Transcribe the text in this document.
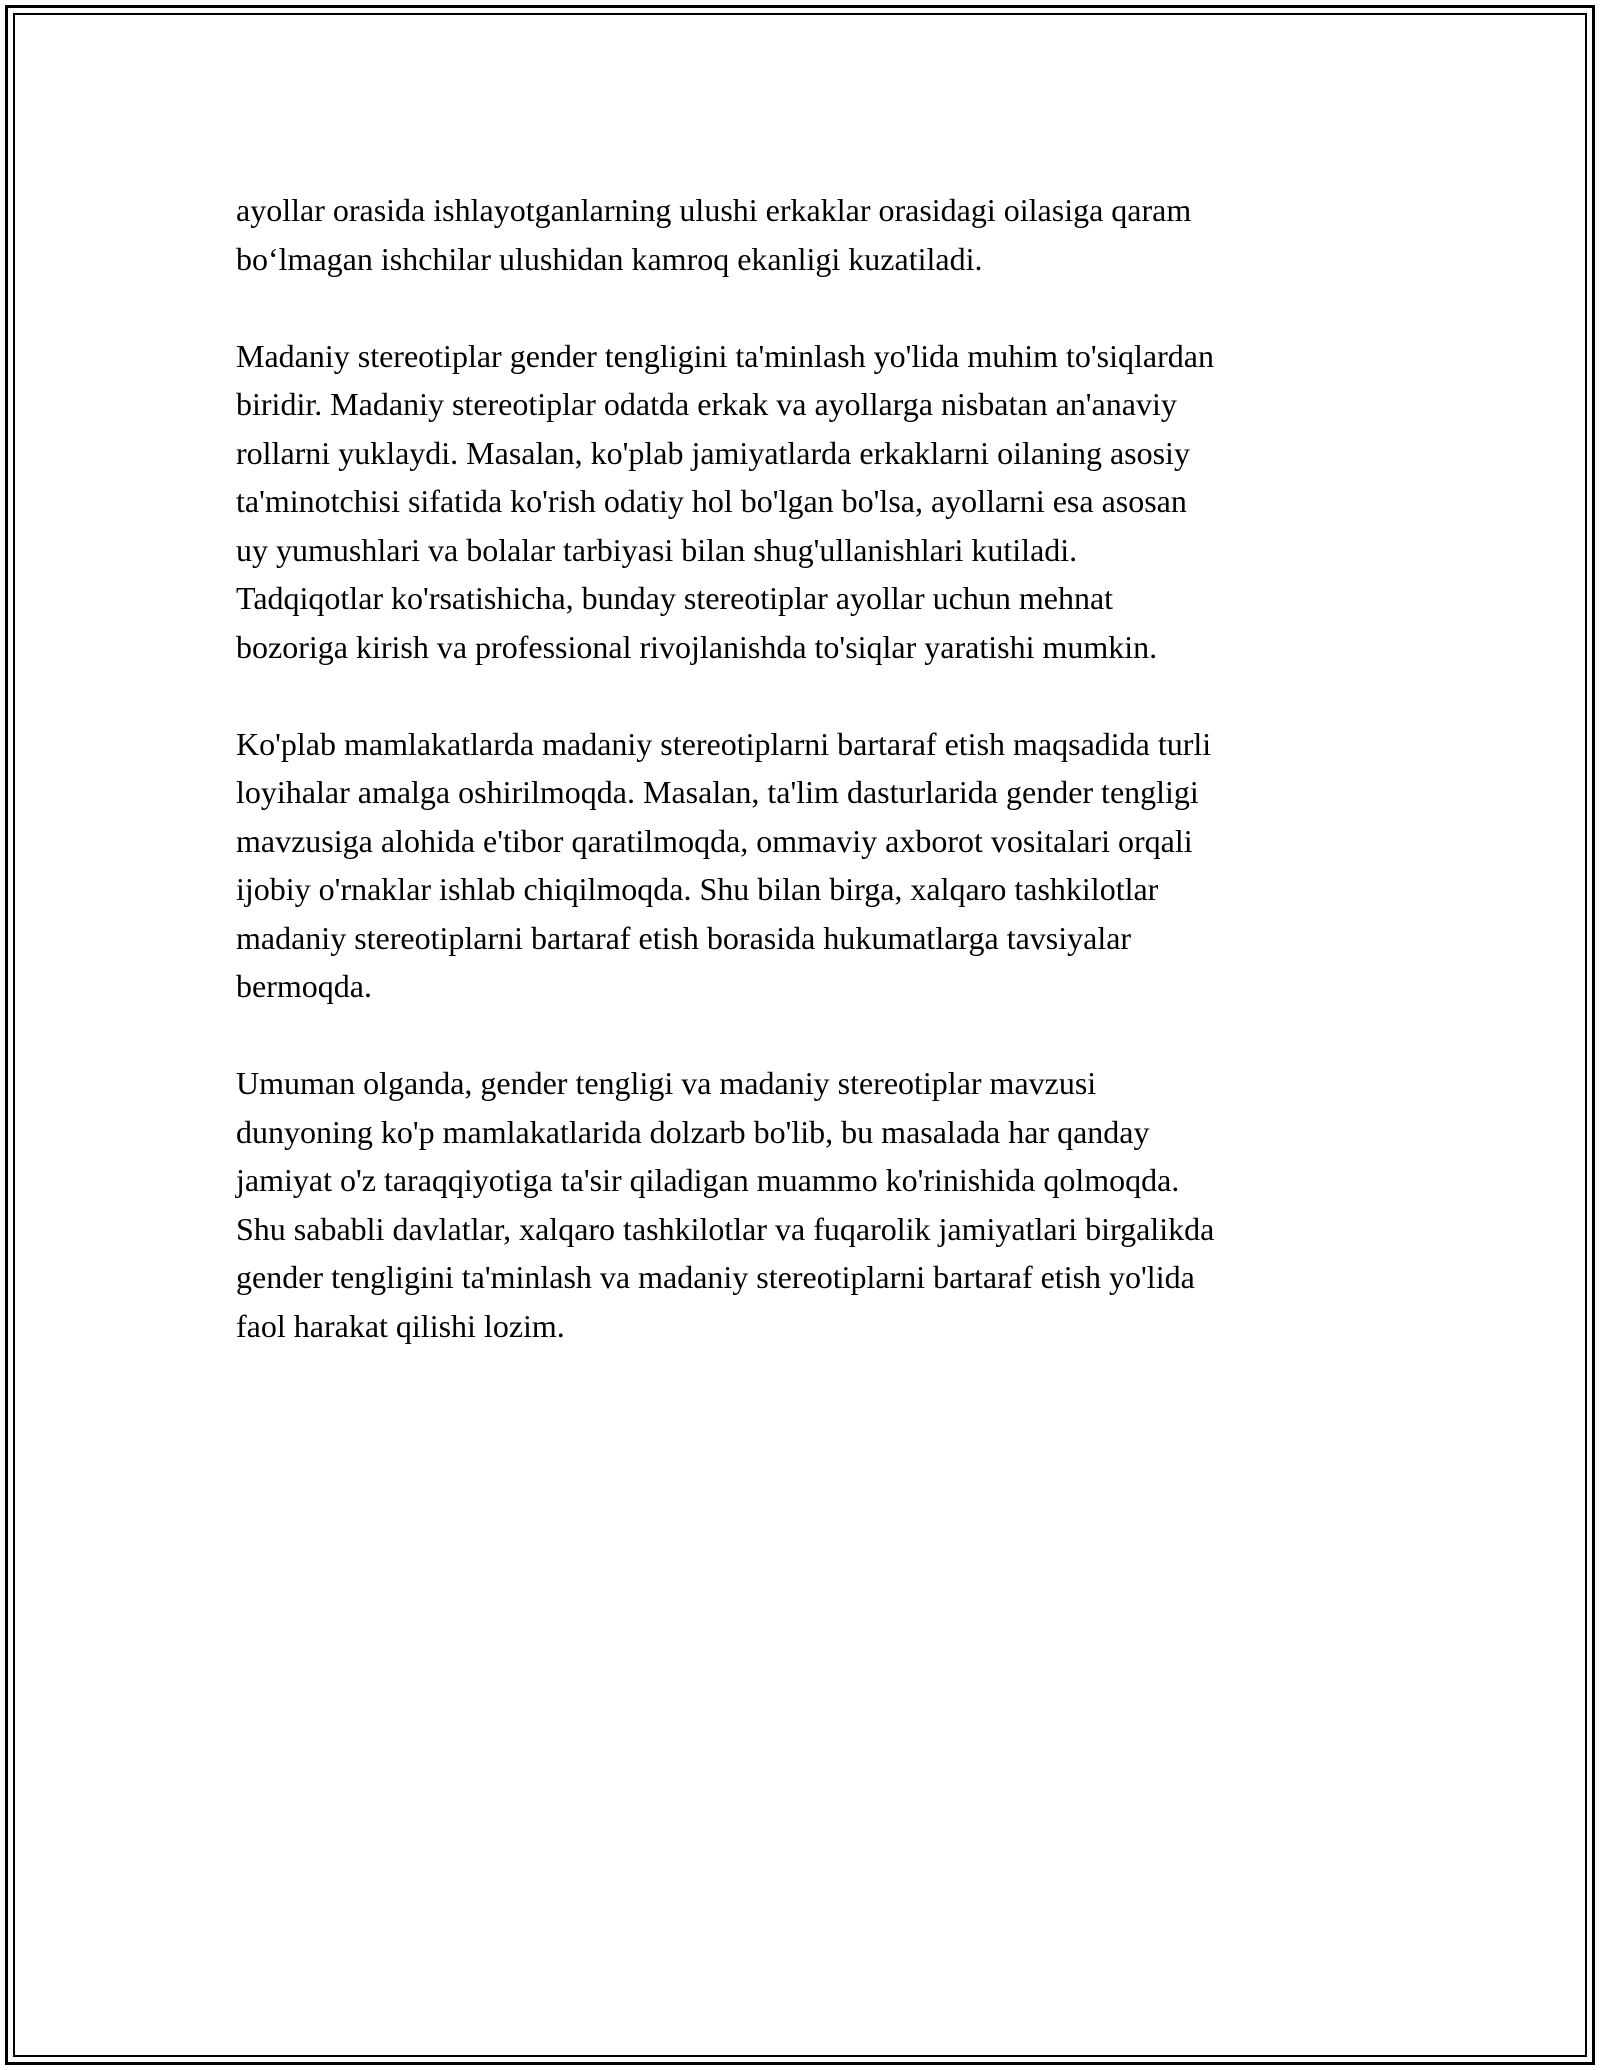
ayollar orasida ishlayotganlarning ulushi erkaklar orasidagi oilasiga qaram
bo‘lmagan ishchilar ulushidan kamroq ekanligi kuzatiladi.

Madaniy stereotiplar gender tengligini ta'minlash yo'lida muhim to'siqlardan
biridir. Madaniy stereotiplar odatda erkak va ayollarga nisbatan an'anaviy
rollarni yuklaydi. Masalan, ko'plab jamiyatlarda erkaklarni oilaning asosiy
ta'minotchisi sifatida ko'rish odatiy hol bo'lgan bo'lsa, ayollarni esa asosan
uy yumushlari va bolalar tarbiyasi bilan shug'ullanishlari kutiladi.
Tadqiqotlar ko'rsatishicha, bunday stereotiplar ayollar uchun mehnat
bozoriga kirish va professional rivojlanishda to'siqlar yaratishi mumkin.

Ko'plab mamlakatlarda madaniy stereotiplarni bartaraf etish maqsadida turli
loyihalar amalga oshirilmoqda. Masalan, ta'lim dasturlarida gender tengligi
mavzusiga alohida e'tibor qaratilmoqda, ommaviy axborot vositalari orqali
ijobiy o'rnaklar ishlab chiqilmoqda. Shu bilan birga, xalqaro tashkilotlar
madaniy stereotiplarni bartaraf etish borasida hukumatlarga tavsiyalar
bermoqda.

Umuman olganda, gender tengligi va madaniy stereotiplar mavzusi
dunyoning ko'p mamlakatlarida dolzarb bo'lib, bu masalada har qanday
jamiyat o'z taraqqiyotiga ta'sir qiladigan muammo ko'rinishida qolmoqda.
Shu sababli davlatlar, xalqaro tashkilotlar va fuqarolik jamiyatlari birgalikda
gender tengligini ta'minlash va madaniy stereotiplarni bartaraf etish yo'lida
faol harakat qilishi lozim.
